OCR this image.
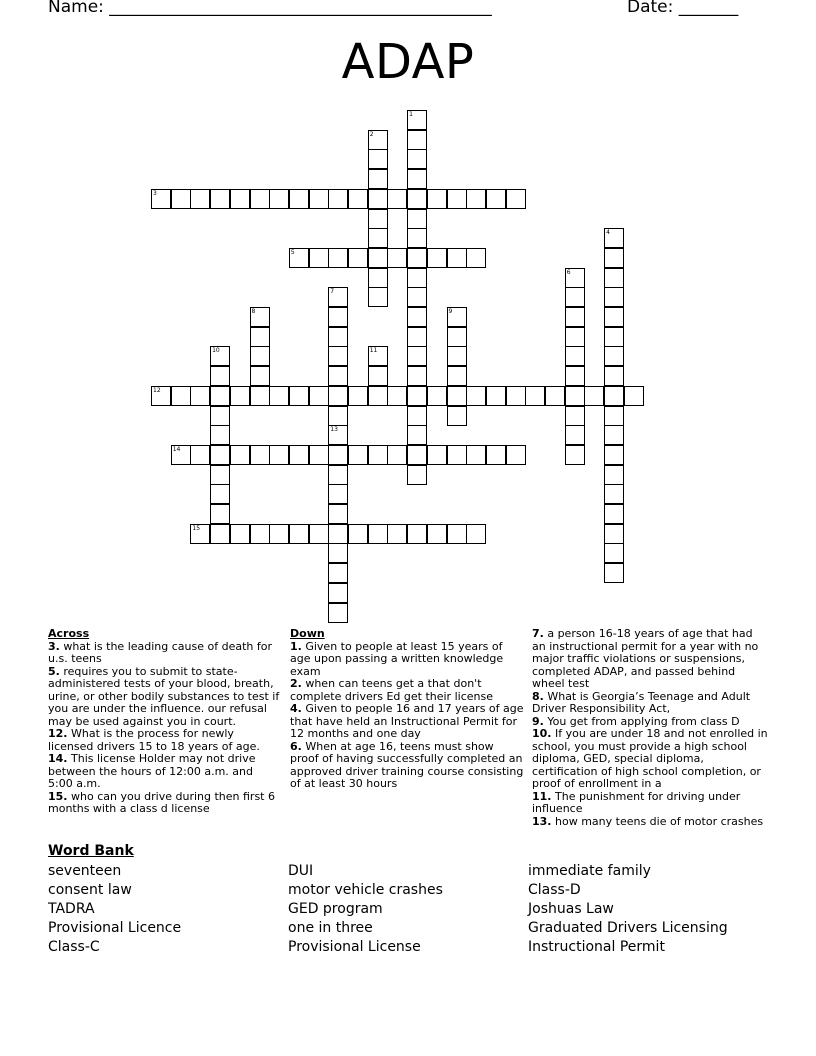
Name: _____________________________________________	Date: _______
ADAP
1
2
3
4
5
6
7
8	9
10	11
12
13
14
15

Across

3. what is the leading cause of death for u.s. teens

5. requires you to submit to state-administered tests of your blood, breath, urine, or other bodily substances to test if you are under the influence. our refusal may be used against you in court.

12. What is the process for newly licensed drivers 15 to 18 years of age.

14. This license Holder may not drive between the hours of 12:00 a.m. and 5:00 a.m.

15. who can you drive during then first 6 months with a class d license

Down

1. Given to people at least 15 years of age upon passing a written knowledge exam

2. when can teens get a that don't complete drivers Ed get their license

4. Given to people 16 and 17 years of age that have held an Instructional Permit for 12 months and one day

6. When at age 16, teens must show proof of having successfully completed an approved driver training course consisting of at least 30 hours

7. a person 16-18 years of age that had an instructional permit for a year with no major traffic violations or suspensions, completed ADAP, and passed behind wheel test

8. What is Georgia’s Teenage and Adult Driver Responsibility Act,

9. You get from applying from class D

10. If you are under 18 and not enrolled in school, you must provide a high school diploma, GED, special diploma, certification of high school completion, or proof of enrollment in a

11. The punishment for driving under influence

13. how many teens die of motor crashes

Word Bank
seventeen
consent law
TADRA
Provisional Licence
Class-C
DUI
motor vehicle crashes
GED program
one in three
Provisional License
immediate family
Class-D
Joshuas Law
Graduated Drivers Licensing
Instructional Permit
